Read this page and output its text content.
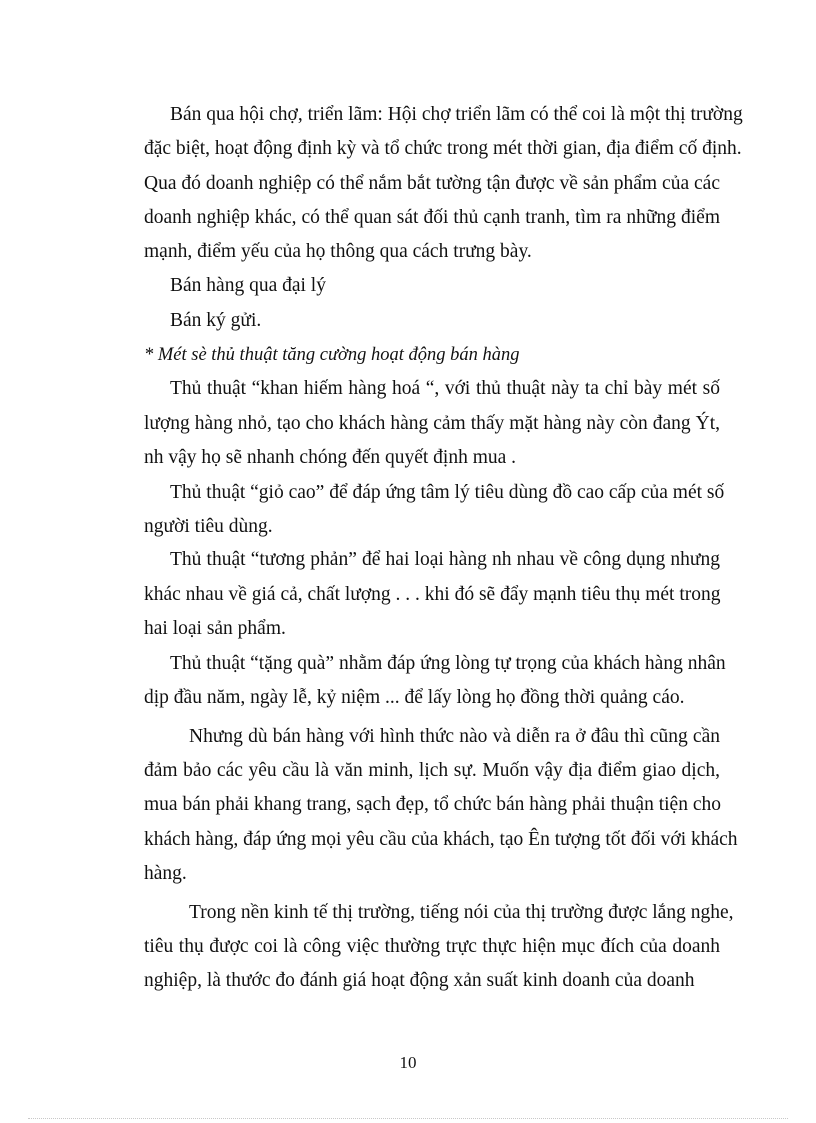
Bán qua hội chợ, triển lãm: Hội chợ triển lãm có thể coi là một thị trường
đặc biệt, hoạt động định kỳ và tổ chức trong mét thời gian, địa điểm cố định.
Qua đó doanh nghiệp có thể nắm bắt tường tận được về sản phẩm của các
doanh nghiệp khác, có thể quan sát đối thủ cạnh tranh, tìm ra những điểm
mạnh, điểm yếu của họ thông qua cách trưng bày.
Bán hàng qua đại lý
Bán ký gửi.
* Mét sè thủ thuật tăng cường hoạt động bán hàng
Thủ thuật “khan hiếm hàng hoá “, với thủ thuật này ta chỉ bày mét số
lượng hàng nhỏ, tạo cho khách hàng cảm thấy mặt hàng này còn đang Ýt,
nh vậy họ sẽ nhanh chóng đến quyết định mua .
Thủ thuật “giỏ cao” để đáp ứng tâm lý tiêu dùng đồ cao cấp của mét số
người tiêu dùng.
Thủ thuật “tương phản” để hai loại hàng nh nhau về công dụng nhưng
khác nhau về giá cả, chất lượng . . . khi đó sẽ đẩy mạnh tiêu thụ mét trong
hai loại sản phẩm.
Thủ thuật “tặng quà” nhằm đáp ứng lòng tự trọng của khách hàng nhân
dịp đầu năm, ngày lễ, kỷ niệm ... để lấy lòng họ đồng thời quảng cáo.
Nhưng dù bán hàng với hình thức nào và diễn ra ở đâu thì cũng cần
đảm bảo các yêu cầu là văn minh, lịch sự. Muốn vậy địa điểm giao dịch,
mua bán phải khang trang, sạch đẹp, tổ chức bán hàng phải thuận tiện cho
khách hàng, đáp ứng mọi yêu cầu của khách, tạo Ên tượng tốt đối với khách
hàng.
Trong nền kinh tế thị trường, tiếng nói của thị trường được lắng nghe,
tiêu thụ được coi là công việc thường trực thực hiện mục đích của doanh
nghiệp, là thước đo đánh giá hoạt động xản suất kinh doanh của doanh
10
